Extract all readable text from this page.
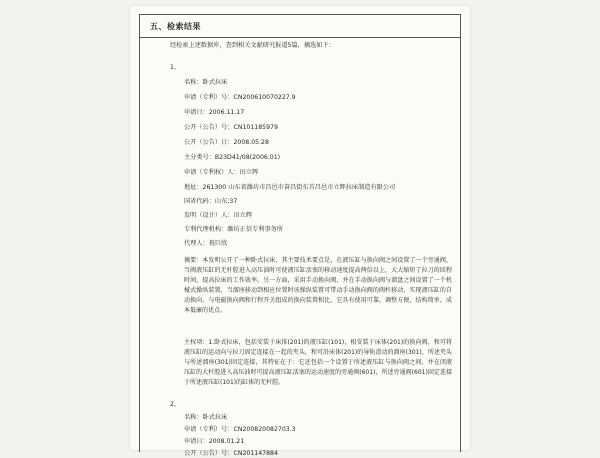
五、检索结果
经检索上述数据库，查到相关文献研究报道5篇，摘选如下：
1、
名称：卧式拉床
申请（专利）号：CN200610070227.9
申请日：2006.11.17
公开（公告）号：CN101185979
公开（公告）日：2008.05.28
主分类号：B23D41/08(2006.01)
申请（专利权）人：田立辉
地址：261300 山东省潍坊市昌邑市奋昌街东首昌邑市立辉拉床制造有限公司
国省代码：山东;37
发明（设计）人：田立辉
专利代理机构：潍坊正信专利事务所
代理人：祝巨欣
摘要：本发明公开了一种卧式拉床，其主要技术要点是，在液压缸与换向阀之间设置了一个旁通阀，当阀液压缸的无杆腔进入高压油时可使液压缸活塞的移动速度提高两倍以上，大大缩短了拉刀的回程时间，提高拉床的工作效率。另一方面，采用手动换向阀，并在手动换向阀与溜盘之间设置了一个机械式操纵装置，当溜座移动到相应位置时该操纵装置可带动手动换向阀的阀杆移动，实现液压缸的自动换向，与电磁换向阀和行程开关组成的换向装置相比，它具有使用可靠，调整方便，结构简单，成本低廉的优点。
主权项：1.卧式拉床，包括安装于床体(201)的液压缸(101)，相安装于床体(201)的换向阀，和可将液压缸的运动向与拉刀固定连接在一起的夹头，和可沿床体(201)的导轨滑动的溜座(301)，所述夹头与所述溜座(301)固定连接，其特征在于：它还包括一个设置于所述液压缸与换向阀之间、并在闭液压缸的大杆腔进入高压油时可提高液压缸活塞的运动速度的旁通阀(601)，所述旁通阀(601)固定连接于所述液压缸(101)的缸体的无杆腔。
2、
名称：卧式拉床
申请（专利）号：CN200820082703.3
申请日：2008.01.21
公开（公告）号：CN201147884
